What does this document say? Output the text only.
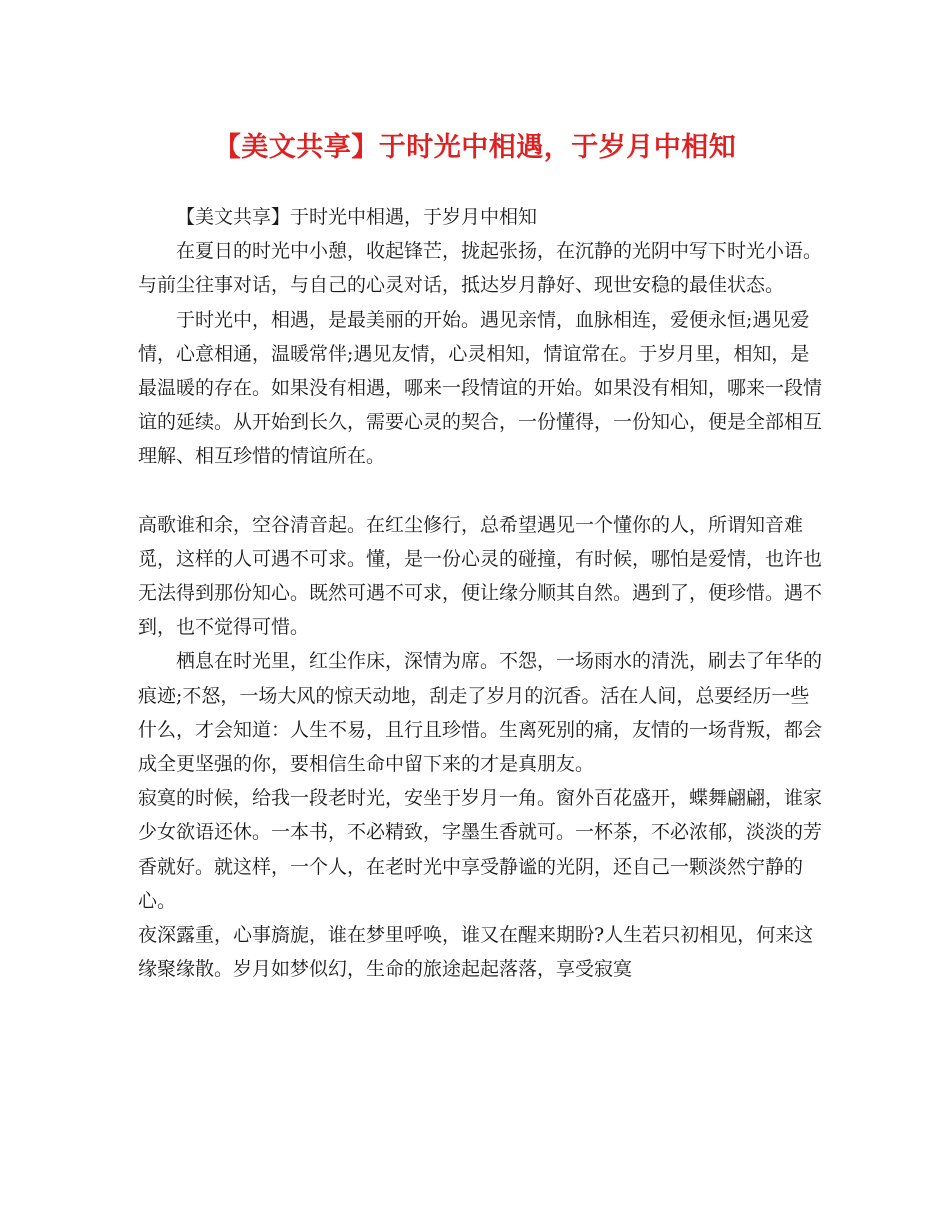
【美文共享】于时光中相遇，于岁月中相知

【美文共享】于时光中相遇，于岁月中相知

在夏日的时光中小憩，收起锋芒，拢起张扬，在沉静的光阴中写下时光小语。与前尘往事对话，与自己的心灵对话，抵达岁月静好、现世安稳的最佳状态。

于时光中，相遇，是最美丽的开始。遇见亲情，血脉相连，爱便永恒;遇见爱情，心意相通，温暖常伴;遇见友情，心灵相知，情谊常在。于岁月里，相知，是最温暖的存在。如果没有相遇，哪来一段情谊的开始。如果没有相知，哪来一段情谊的延续。从开始到长久，需要心灵的契合，一份懂得，一份知心，便是全部相互理解、相互珍惜的情谊所在。

高歌谁和余，空谷清音起。在红尘修行，总希望遇见一个懂你的人，所谓知音难觅，这样的人可遇不可求。懂，是一份心灵的碰撞，有时候，哪怕是爱情，也许也无法得到那份知心。既然可遇不可求，便让缘分顺其自然。遇到了，便珍惜。遇不到，也不觉得可惜。

栖息在时光里，红尘作床，深情为席。不怨，一场雨水的清洗，刷去了年华的痕迹;不怒，一场大风的惊天动地，刮走了岁月的沉香。活在人间，总要经历一些什么，才会知道：人生不易，且行且珍惜。生离死别的痛，友情的一场背叛，都会成全更坚强的你，要相信生命中留下来的才是真朋友。

寂寞的时候，给我一段老时光，安坐于岁月一角。窗外百花盛开，蝶舞翩翩，谁家少女欲语还休。一本书，不必精致，字墨生香就可。一杯茶，不必浓郁，淡淡的芳香就好。就这样，一个人，在老时光中享受静谧的光阴，还自己一颗淡然宁静的心。

夜深露重，心事旖旎，谁在梦里呼唤，谁又在醒来期盼?人生若只初相见，何来这缘聚缘散。岁月如梦似幻，生命的旅途起起落落，享受寂寞
